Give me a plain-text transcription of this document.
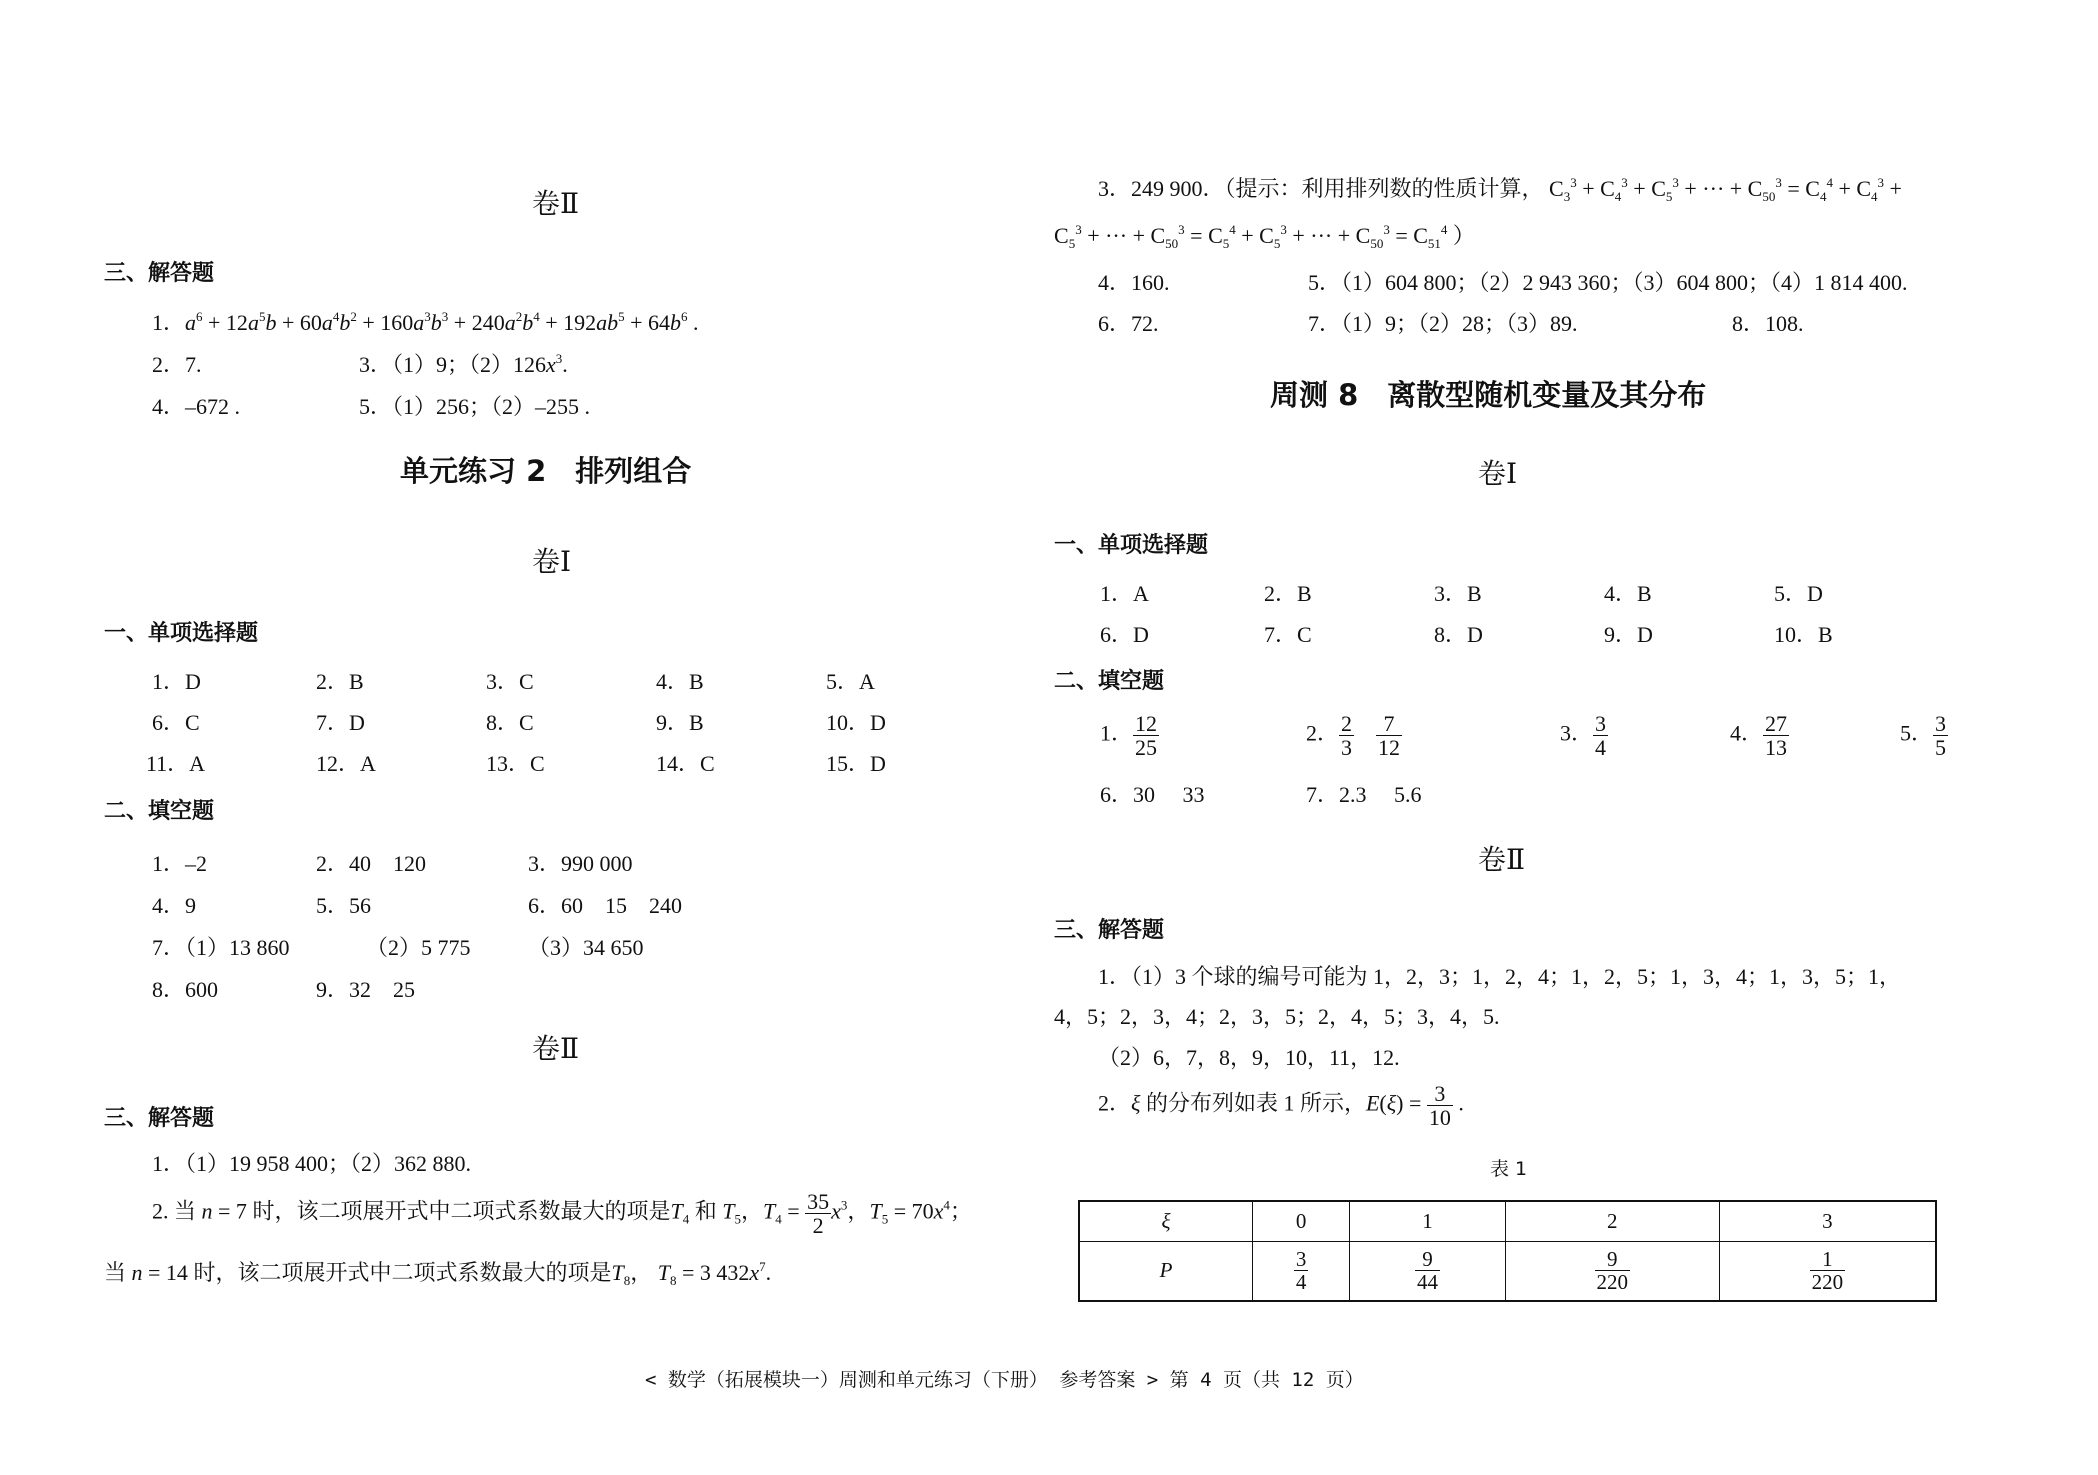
卷Ⅱ
三、解答题
1．$a^6 + 12a^5b + 60a^4b^2 + 160a^3b^3 + 240a^2b^4 + 192ab^5 + 64b^6$ .
2．7.	3．（1）9；$(2)126x^3$.
4．–672 .	5．（1）256；（2）–255 .
单元练习 2　排列组合
卷Ⅰ
一、单项选择题
1．D	2．B	3．C	4．B	5．A
6．C	7．D	8．C	9．B	10．D
11．A	12．A	13．C	14．C	15．D
二、填空题
1．–2	2．40　120	3．990 000
4．9	5．56	6．60　15　240
7．（1）13 860	（2）5 775	（3）34 650
8．600	9．32　25
卷Ⅱ
三、解答题
1．（1）19 958 400；（2）362 880.
2. 当 n = 7 时，该二项展开式中二项式系数最大的项是$T_4$ 和 $T_5$，$T_4 = \frac{35}{2} x^3$，$T_5 = 70x^4$；
当 n = 14 时，该二项展开式中二项式系数最大的项是$T_8$， $T_8 = 3$ $432x^7$.
3．249 900．（提示：利用排列数的性质计算， $C_3^3 + C_4^3 + C_5^3$ + ··· + $C_{50}^3 = C_4^4 + C_4^3$ +
$C_5^3$ + ··· + $C_{50}^3 = C_5^4 + C_5^3$ + ··· + $C_{50}^3 = C_{51}^4$ ）
4．160.	5．（1）604 800；（2）2 943 360；（3）604 800；（4）1 814 400.
6．72.	7．（1）9；（2）28；（3）89.	8．108.
周测 8　离散型随机变量及其分布
卷Ⅰ
一、单项选择题
1．A	2．B	3．B	4．B	5．D
6．D	7．C	8．D	9．D	10．B
二、填空题
1． $\frac{12}{25}$	2． $\frac{2}{3}$
$\frac{7}{12}$	3． $\frac{3}{4}$	4． $\frac{27}{13}$	5． $\frac{3}{5}$
6．30　 33	7．2.3　 5.6
卷Ⅱ
三、解答题
1．（1）3 个球的编号可能为 1，2，3；1，2，4；1，2，5；1，3，4；1，3，5；1，
4，5；2，3，4；2，3，5；2，4，5；3，4，5.
（2）6，7，8，9，10，11，12.
2．ξ 的分布列如表 1 所示，$E(\xi) = \frac{3}{10}$ .
表 1
ξ	0	1	2	3
P	$\frac{3}{4}$	$\frac{9}{44}$	$\frac{9}{220}$	$\frac{1}{220}$
< 数学（拓展模块一）周测和单元练习（下册） 参考答案 > 第 4 页（共 12 页）
